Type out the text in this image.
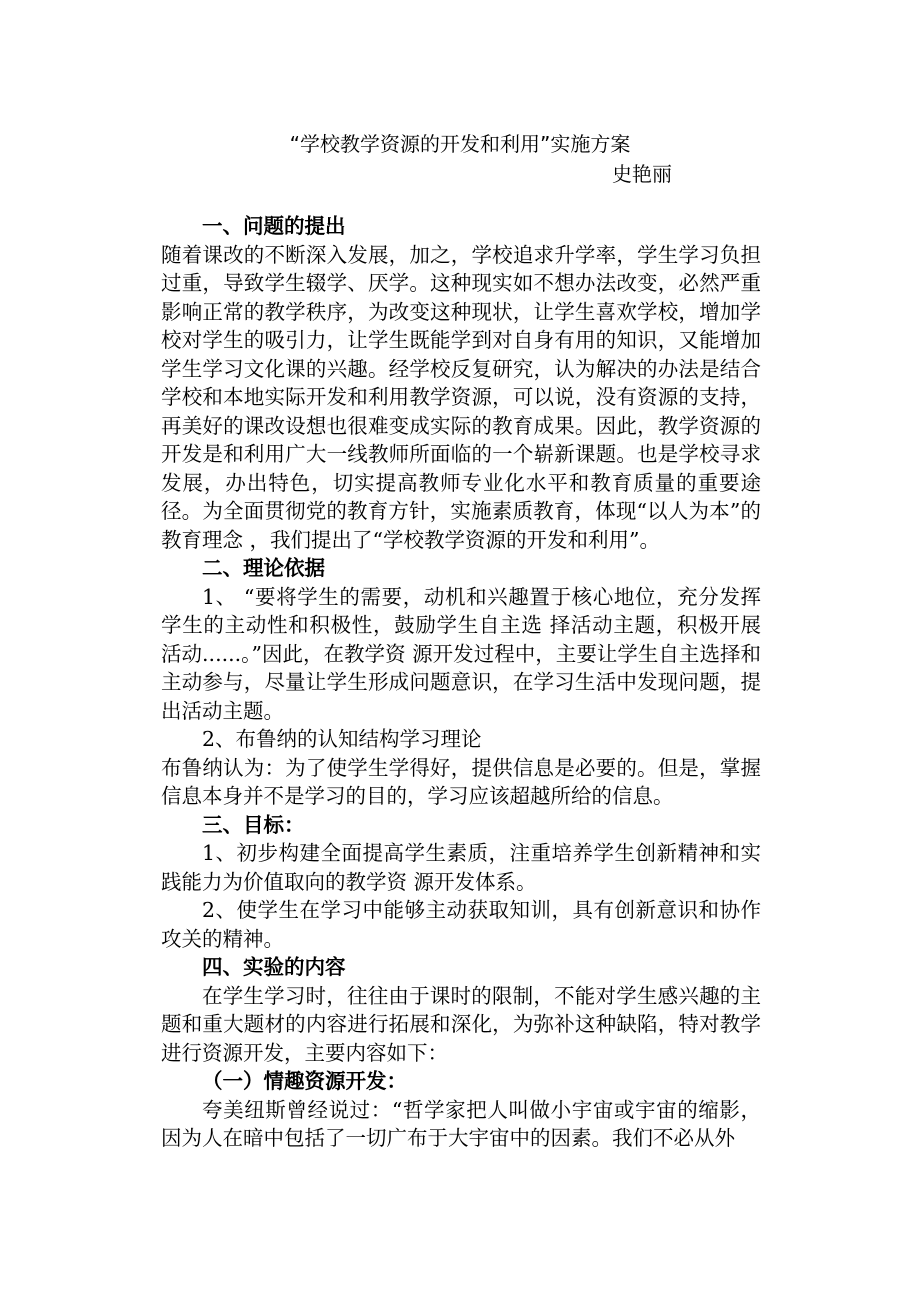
“学校教学资源的开发和利用”实施方案
史艳丽

一、问题的提出

随着课改的不断深入发展，加之，学校追求升学率，学生学习负担过重，导致学生辍学、厌学。这种现实如不想办法改变，必然严重影响正常的教学秩序，为改变这种现状，让学生喜欢学校，增加学校对学生的吸引力，让学生既能学到对自身有用的知识，又能增加学生学习文化课的兴趣。经学校反复研究，认为解决的办法是结合学校和本地实际开发和利用教学资源，可以说，没有资源的支持，再美好的课改设想也很难变成实际的教育成果。因此，教学资源的开发是和利用广大一线教师所面临的一个崭新课题。也是学校寻求发展，办出特色，切实提高教师专业化水平和教育质量的重要途径。为全面贯彻党的教育方针，实施素质教育，体现“以人为本”的教育理念 ，我们提出了“学校教学资源的开发和利用”。

二、理论依据

1、 “要将学生的需要，动机和兴趣置于核心地位，充分发挥学生的主动性和积极性，鼓励学生自主选 择活动主题，积极开展活动......。”因此，在教学资 源开发过程中，主要让学生自主选择和主动参与，尽量让学生形成问题意识，在学习生活中发现问题，提出活动主题。

2、布鲁纳的认知结构学习理论

布鲁纳认为：为了使学生学得好，提供信息是必要的。但是，掌握信息本身并不是学习的目的，学习应该超越所给的信息。

三、目标：

1、初步构建全面提高学生素质，注重培养学生创新精神和实践能力为价值取向的教学资 源开发体系。

2、使学生在学习中能够主动获取知训，具有创新意识和协作攻关的精神。

四、实验的内容

在学生学习时，往往由于课时的限制，不能对学生感兴趣的主题和重大题材的内容进行拓展和深化，为弥补这种缺陷，特对教学进行资源开发，主要内容如下：

（一）情趣资源开发：

夸美纽斯曾经说过：“哲学家把人叫做小宇宙或宇宙的缩影，因为人在暗中包括了一切广布于大宇宙中的因素。我们不必从外
